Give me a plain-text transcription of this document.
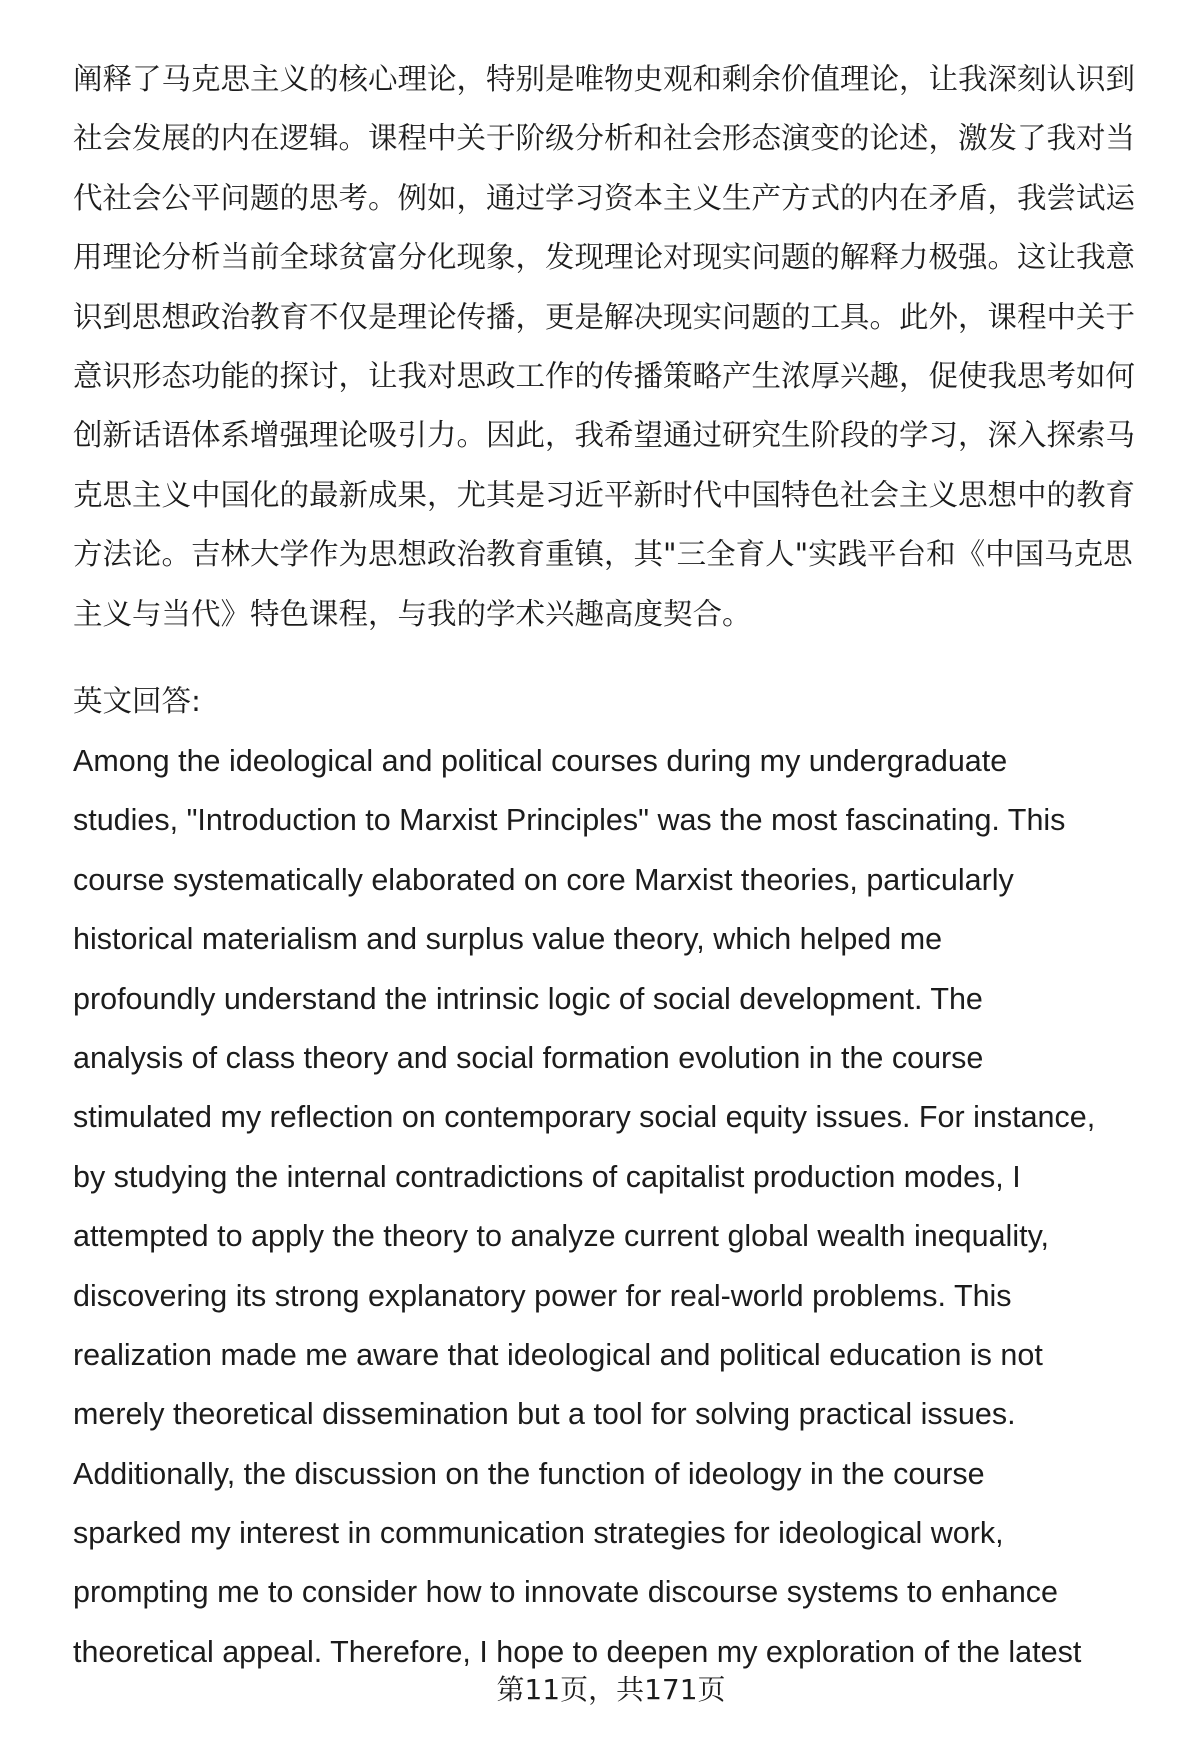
阐释了马克思主义的核心理论，特别是唯物史观和剩余价值理论，让我深刻认识到
社会发展的内在逻辑。课程中关于阶级分析和社会形态演变的论述，激发了我对当
代社会公平问题的思考。例如，通过学习资本主义生产方式的内在矛盾，我尝试运
用理论分析当前全球贫富分化现象，发现理论对现实问题的解释力极强。这让我意
识到思想政治教育不仅是理论传播，更是解决现实问题的工具。此外，课程中关于
意识形态功能的探讨，让我对思政工作的传播策略产生浓厚兴趣，促使我思考如何
创新话语体系增强理论吸引力。因此，我希望通过研究生阶段的学习，深入探索马
克思主义中国化的最新成果，尤其是习近平新时代中国特色社会主义思想中的教育
方法论。吉林大学作为思想政治教育重镇，其"三全育人"实践平台和《中国马克思
主义与当代》特色课程，与我的学术兴趣高度契合。
英文回答:
Among the ideological and political courses during my undergraduate
studies, "Introduction to Marxist Principles" was the most fascinating. This
course systematically elaborated on core Marxist theories, particularly
historical materialism and surplus value theory, which helped me
profoundly understand the intrinsic logic of social development. The
analysis of class theory and social formation evolution in the course
stimulated my reflection on contemporary social equity issues. For instance,
by studying the internal contradictions of capitalist production modes, I
attempted to apply the theory to analyze current global wealth inequality,
discovering its strong explanatory power for real-world problems. This
realization made me aware that ideological and political education is not
merely theoretical dissemination but a tool for solving practical issues.
Additionally, the discussion on the function of ideology in the course
sparked my interest in communication strategies for ideological work,
prompting me to consider how to innovate discourse systems to enhance
theoretical appeal. Therefore, I hope to deepen my exploration of the latest
第11页，共171页
